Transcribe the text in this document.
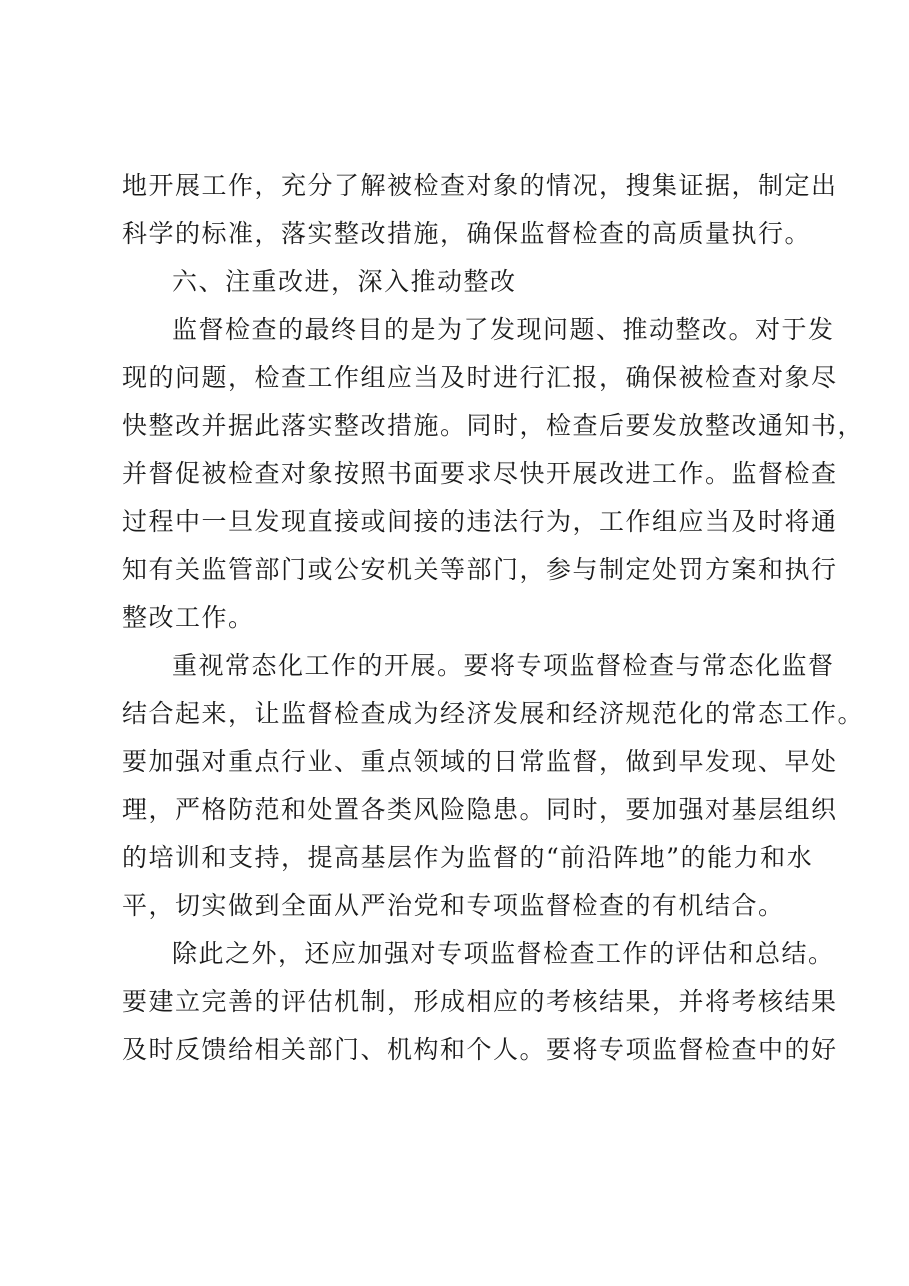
地开展工作，充分了解被检查对象的情况，搜集证据，制定出
科学的标准，落实整改措施，确保监督检查的高质量执行。
六、注重改进，深入推动整改
监督检查的最终目的是为了发现问题、推动整改。对于发
现的问题，检查工作组应当及时进行汇报，确保被检查对象尽
快整改并据此落实整改措施。同时，检查后要发放整改通知书，
并督促被检查对象按照书面要求尽快开展改进工作。监督检查
过程中一旦发现直接或间接的违法行为，工作组应当及时将通
知有关监管部门或公安机关等部门，参与制定处罚方案和执行
整改工作。
重视常态化工作的开展。要将专项监督检查与常态化监督
结合起来，让监督检查成为经济发展和经济规范化的常态工作。
要加强对重点行业、重点领域的日常监督，做到早发现、早处
理，严格防范和处置各类风险隐患。同时，要加强对基层组织
的培训和支持，提高基层作为监督的“前沿阵地”的能力和水
平，切实做到全面从严治党和专项监督检查的有机结合。
除此之外，还应加强对专项监督检查工作的评估和总结。
要建立完善的评估机制，形成相应的考核结果，并将考核结果
及时反馈给相关部门、机构和个人。要将专项监督检查中的好
